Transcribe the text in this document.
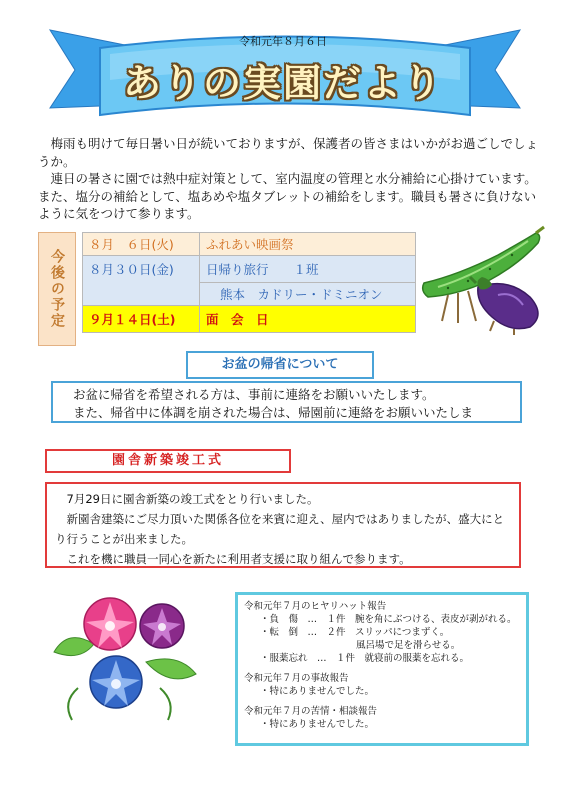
令和元年８月６日
ありの実園だより

梅雨も明けて毎日暑い日が続いておりますが、保護者の皆さまはいかがお過ごしでしょうか。

連日の暑さに園では熱中症対策として、室内温度の管理と水分補給に心掛けています。また、塩分の補給として、塩あめや塩タブレットの補給をします。職員も暑さに負けないように気をつけて参ります。

今後の予定
８月　６日(火)	ふれあい映画祭
８月３０日(金)	日帰り旅行　　１班
	熊本　カドリー・ドミニオン
９月１４日(土)	面　会　日
お盆の帰省について
お盆に帰省を希望される方は、事前に連絡をお願いいたします。
また、帰省中に体調を崩された場合は、帰園前に連絡をお願いいたしま
園舎新築竣工式

7月29日に園舎新築の竣工式をとり行いました。

新園舎建築にご尽力頂いた関係各位を来賓に迎え、屋内ではありましたが、盛大にとり行うことが出来ました。

これを機に職員一同心を新たに利用者支援に取り組んで参ります。

令和元年７月のヒヤリハット報告
・負　傷　…　１件　腕を角にぶつける、表皮が剥がれる。
・転　倒　…　２件　スリッパにつまずく。
風呂場で足を滑らせる。
・服薬忘れ　…　１件　就寝前の服薬を忘れる。
令和元年７月の事故報告
・特にありませんでした。
令和元年７月の苦情・相談報告
・特にありませんでした。
